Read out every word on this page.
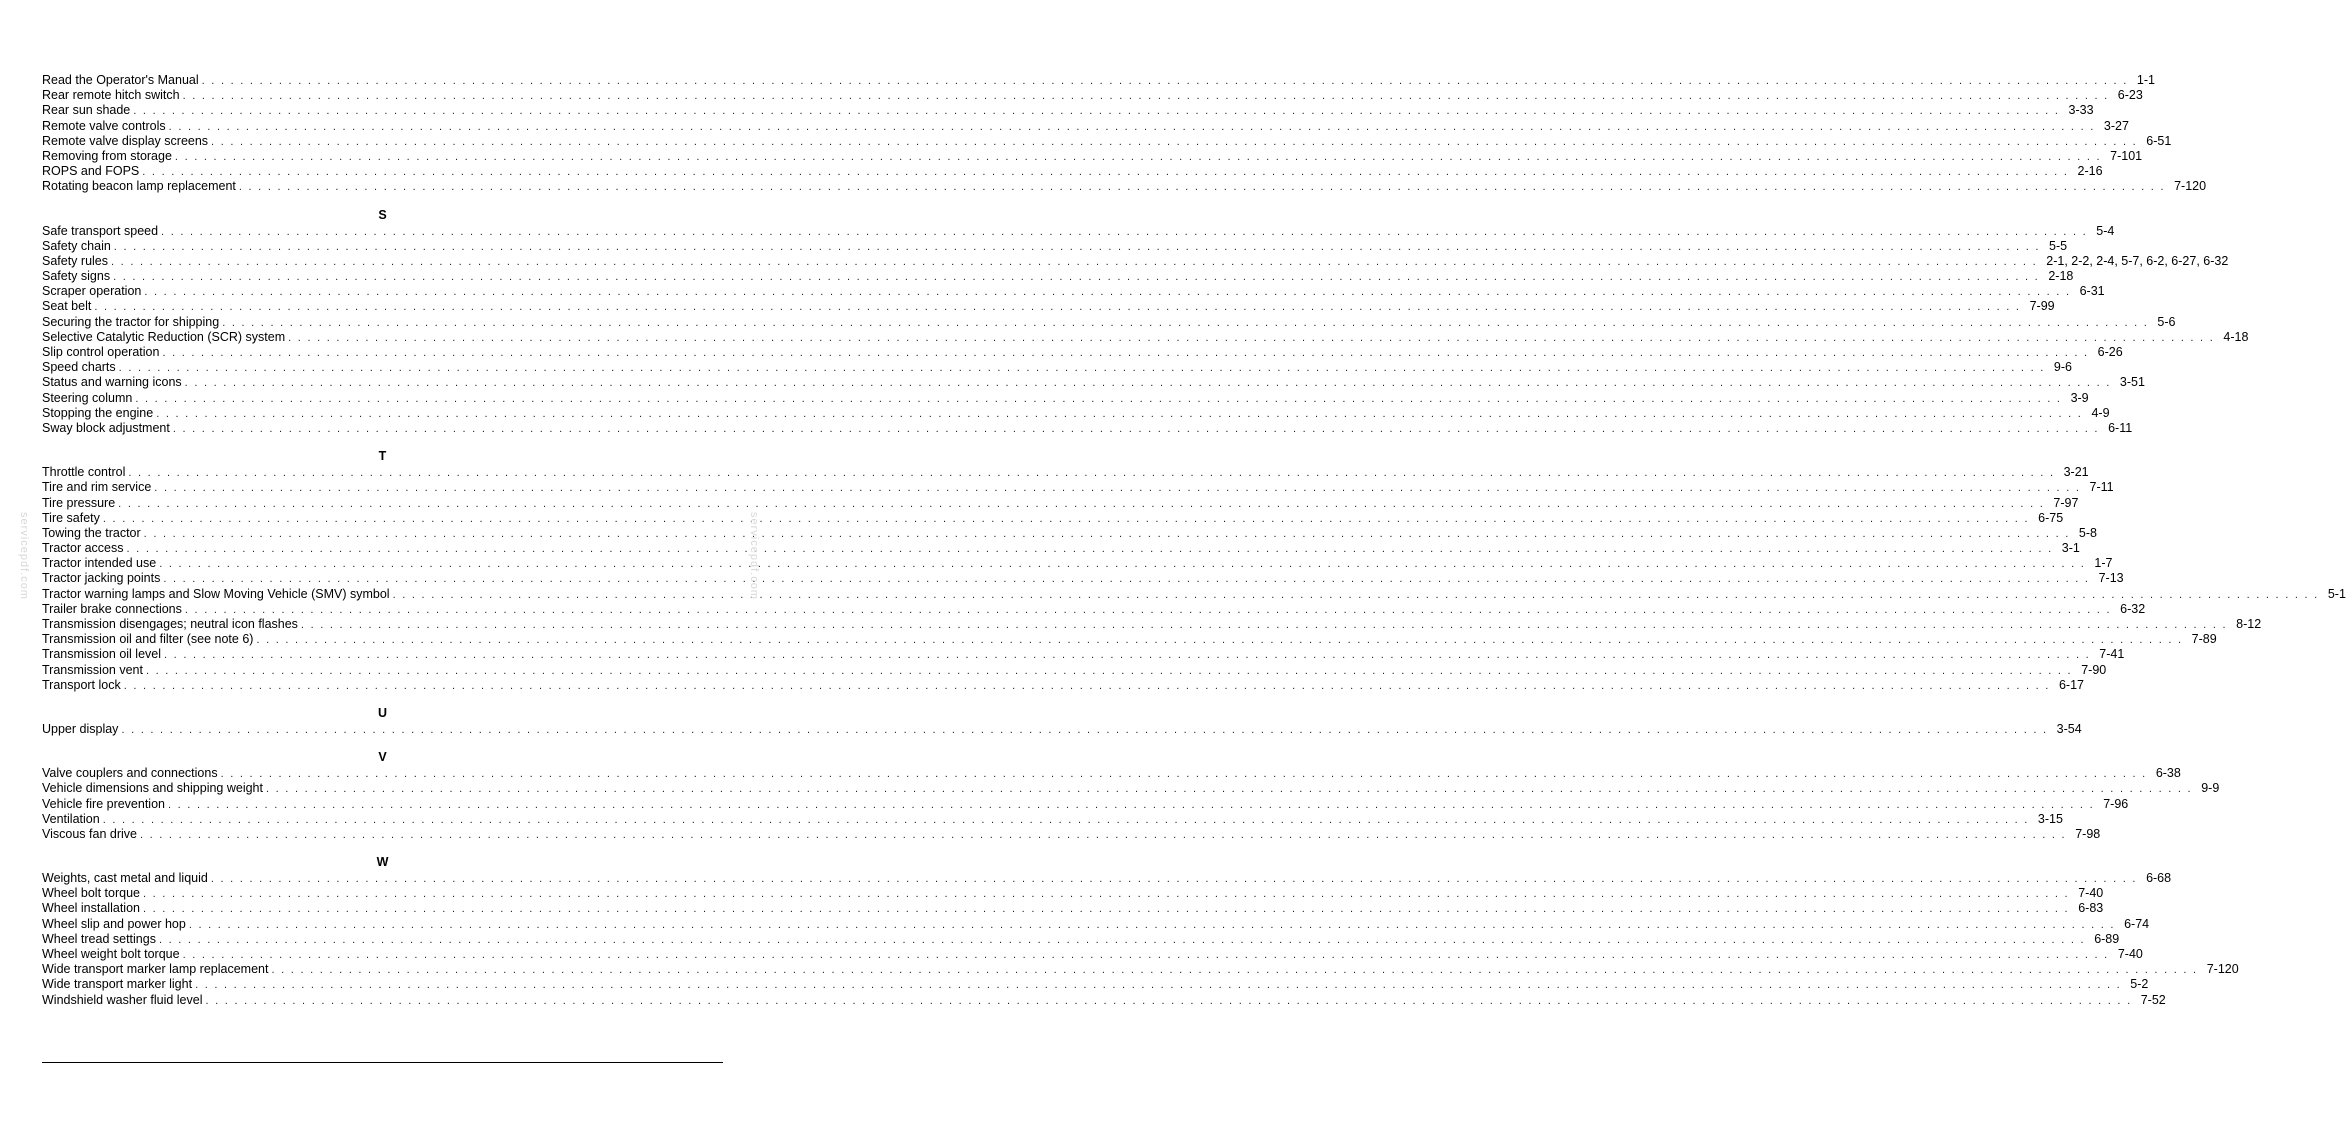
Read the Operator's Manual ........................................................................................................................................................................................................ 1-1
Rear remote hitch switch ........................................................................................................................................................................................................ 6-23
Rear sun shade ........................................................................................................................................................................................................ 3-33
Remote valve controls ........................................................................................................................................................................................................ 3-27
Remote valve display screens ........................................................................................................................................................................................................ 6-51
Removing from storage ........................................................................................................................................................................................................ 7-101
ROPS and FOPS ........................................................................................................................................................................................................ 2-16
Rotating beacon lamp replacement ........................................................................................................................................................................................................ 7-120
S
Safe transport speed ........................................................................................................................................................................................................ 5-4
Safety chain ........................................................................................................................................................................................................ 5-5
Safety rules ........................................................................................................................................................................................................ 2-1, 2-2, 2-4, 5-7, 6-2, 6-27, 6-32
Safety signs ........................................................................................................................................................................................................ 2-18
Scraper operation ........................................................................................................................................................................................................ 6-31
Seat belt ........................................................................................................................................................................................................ 7-99
Securing the tractor for shipping ........................................................................................................................................................................................................ 5-6
Selective Catalytic Reduction (SCR) system ........................................................................................................................................................................................................ 4-18
Slip control operation ........................................................................................................................................................................................................ 6-26
Speed charts ........................................................................................................................................................................................................ 9-6
Status and warning icons ........................................................................................................................................................................................................ 3-51
Steering column ........................................................................................................................................................................................................ 3-9
Stopping the engine ........................................................................................................................................................................................................ 4-9
Sway block adjustment ........................................................................................................................................................................................................ 6-11
T
Throttle control ........................................................................................................................................................................................................ 3-21
Tire and rim service ........................................................................................................................................................................................................ 7-11
Tire pressure ........................................................................................................................................................................................................ 7-97
Tire safety ........................................................................................................................................................................................................ 6-75
Towing the tractor ........................................................................................................................................................................................................ 5-8
Tractor access ........................................................................................................................................................................................................ 3-1
Tractor intended use ........................................................................................................................................................................................................ 1-7
Tractor jacking points ........................................................................................................................................................................................................ 7-13
Tractor warning lamps and Slow Moving Vehicle (SMV) symbol ........................................................................................................................................................................................................ 5-1
Trailer brake connections ........................................................................................................................................................................................................ 6-32
Transmission disengages; neutral icon flashes ........................................................................................................................................................................................................ 8-12
Transmission oil and filter (see note 6) ........................................................................................................................................................................................................ 7-89
Transmission oil level ........................................................................................................................................................................................................ 7-41
Transmission vent ........................................................................................................................................................................................................ 7-90
Transport lock ........................................................................................................................................................................................................ 6-17
U
Upper display ........................................................................................................................................................................................................ 3-54
V
Valve couplers and connections ........................................................................................................................................................................................................ 6-38
Vehicle dimensions and shipping weight ........................................................................................................................................................................................................ 9-9
Vehicle fire prevention ........................................................................................................................................................................................................ 7-96
Ventilation ........................................................................................................................................................................................................ 3-15
Viscous fan drive ........................................................................................................................................................................................................ 7-98
W
Weights, cast metal and liquid ........................................................................................................................................................................................................ 6-68
Wheel bolt torque ........................................................................................................................................................................................................ 7-40
Wheel installation ........................................................................................................................................................................................................ 6-83
Wheel slip and power hop ........................................................................................................................................................................................................ 6-74
Wheel tread settings ........................................................................................................................................................................................................ 6-89
Wheel weight bolt torque ........................................................................................................................................................................................................ 7-40
Wide transport marker lamp replacement ........................................................................................................................................................................................................ 7-120
Wide transport marker light ........................................................................................................................................................................................................ 5-2
Windshield washer fluid level ........................................................................................................................................................................................................ 7-52
servicepdf.com	servicepdf.com
